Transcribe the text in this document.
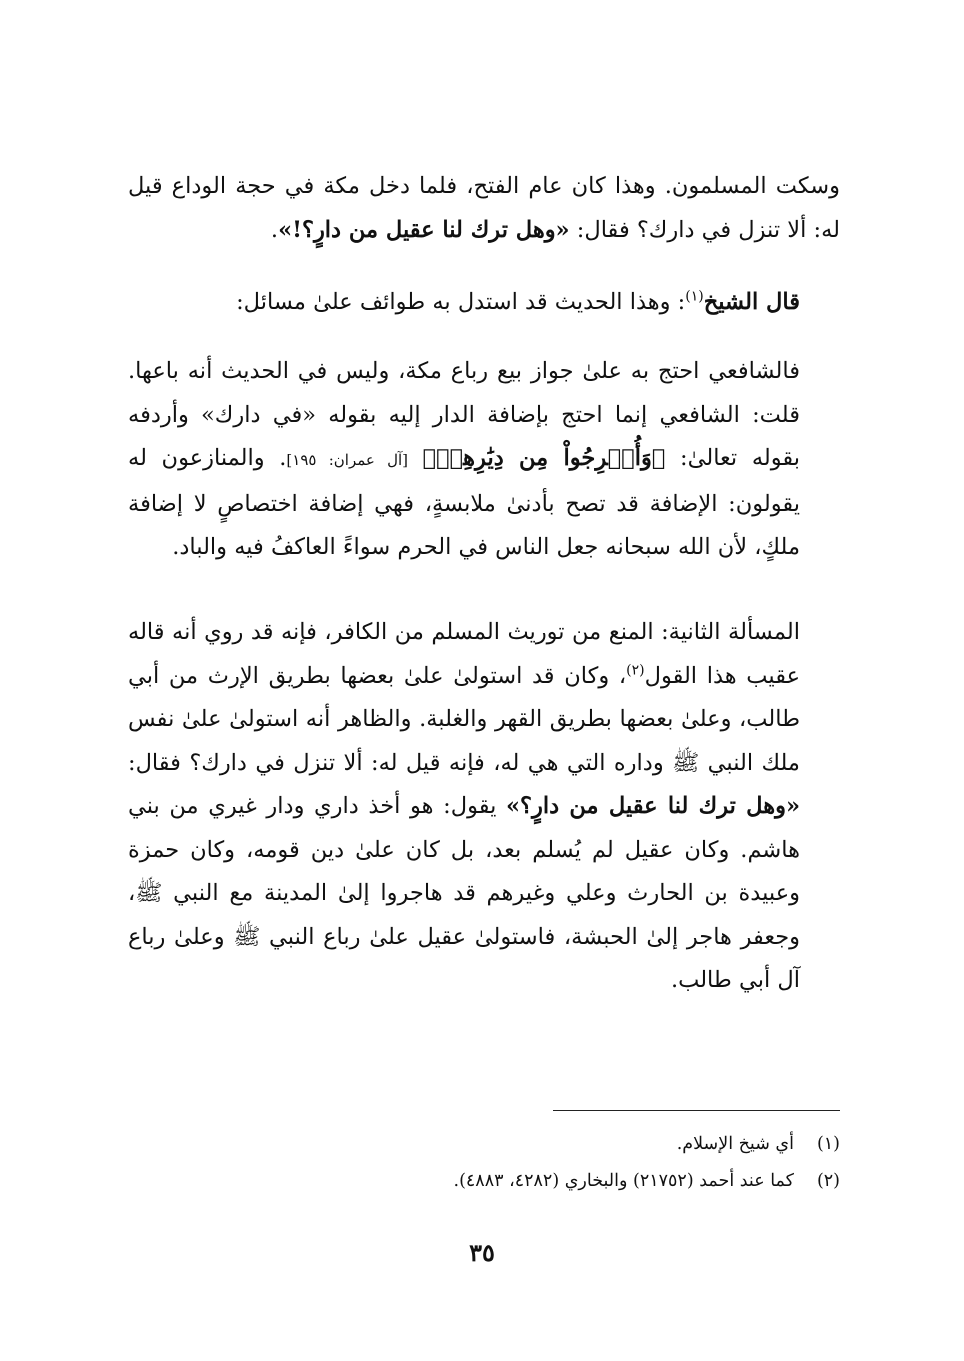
وسكت المسلمون. وهذا كان عام الفتح، فلما دخل مكة في حجة الوداع قيل له: ألا تنزل في دارك؟ فقال: «وهل ترك لنا عقيل من دارٍ؟!».

قال الشيخ$^{(١)}$: وهذا الحديث قد استدل به طوائف علىٰ مسائل:

فالشافعي احتج به علىٰ جواز بيع رباع مكة، وليس في الحديث أنه باعها. قلت: الشافعي إنما احتج بإضافة الدار إليه بقوله «في دارك» وأردفه بقوله تعالىٰ: ﴿وَأُخۡرِجُواْ مِن دِيَٰرِهِمۡ﴾ [آل عمران: ١٩٥]. والمنازعون له يقولون: الإضافة قد تصح بأدنىٰ ملابسةٍ، فهي إضافة اختصاصٍ لا إضافة ملكٍ، لأن الله سبحانه جعل الناس في الحرم سواءً العاكفُ فيه والباد.

المسألة الثانية: المنع من توريث المسلم من الكافر، فإنه قد روي أنه قاله عقيب هذا القول$^{(٢)}$، وكان قد استولىٰ علىٰ بعضها بطريق الإرث من أبي طالب، وعلىٰ بعضها بطريق القهر والغلبة. والظاهر أنه استولىٰ علىٰ نفس ملك النبي ﷺ وداره التي هي له، فإنه قيل له: ألا تنزل في دارك؟ فقال: «وهل ترك لنا عقيل من دارٍ؟» يقول: هو أخذ داري ودار غيري من بني هاشم. وكان عقيل لم يُسلم بعد، بل كان علىٰ دين قومه، وكان حمزة وعبيدة بن الحارث وعلي وغيرهم قد هاجروا إلىٰ المدينة مع النبي ﷺ، وجعفر هاجر إلىٰ الحبشة، فاستولىٰ عقيل علىٰ رباع النبي ﷺ وعلىٰ رباع آل أبي طالب.

(١)أي شيخ الإسلام.
(٢)كما عند أحمد (٢١٧٥٢) والبخاري (٤٢٨٢، ٤٨٨٣).
٣٥
